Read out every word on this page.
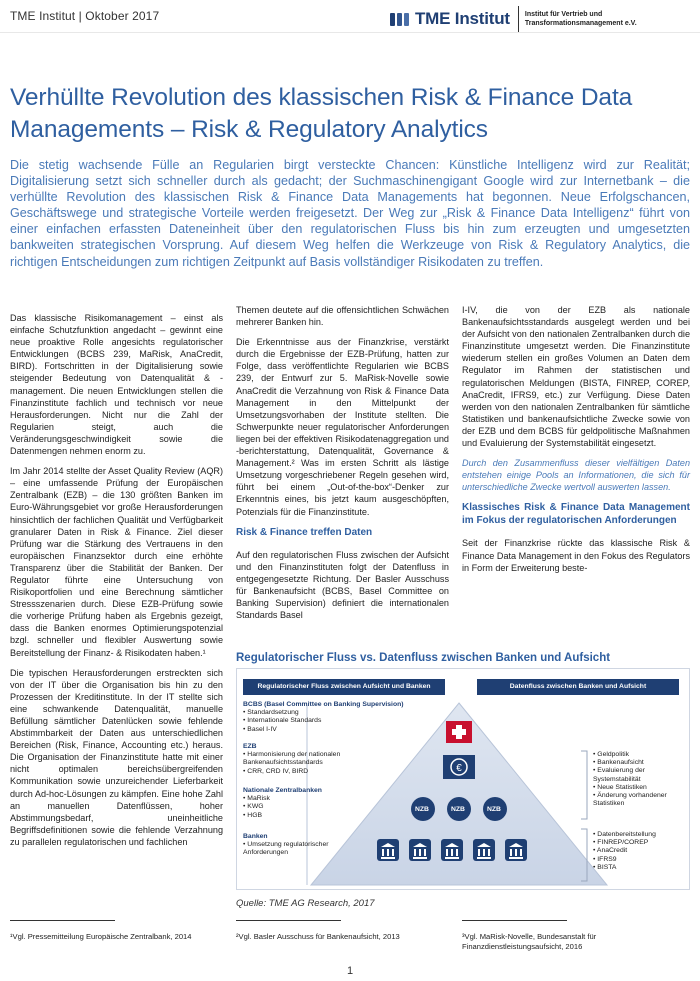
TME Institut | Oktober 2017	TME Institut Institut für Vertrieb und Transformationsmanagement e.V.
Verhüllte Revolution des klassischen Risk & Finance Data Managements – Risk & Regulatory Analytics
Die stetig wachsende Fülle an Regularien birgt versteckte Chancen: Künstliche Intelligenz wird zur Realität; Digitalisierung setzt sich schneller durch als gedacht; der Suchmaschinengigant Google wird zur Internetbank – die verhüllte Revolution des klassischen Risk & Finance Data Managements hat begonnen. Neue Erfolgschancen, Geschäftswege und strategische Vorteile werden freigesetzt. Der Weg zur „Risk & Finance Data Intelligenz“ führt von einer einfachen erfassten Dateneinheit über den regulatorischen Fluss bis hin zum erzeugten und umgesetzten bankweiten strategischen Vorsprung. Auf diesem Weg helfen die Werkzeuge von Risk & Regulatory Analytics, die richtigen Entscheidungen zum richtigen Zeitpunkt auf Basis vollständiger Risikodaten zu treffen.

Das klassische Risikomanagement – einst als einfache Schutzfunktion angedacht – gewinnt eine neue proaktive Rolle angesichts regulatorischer Entwicklungen (BCBS 239, MaRisk, AnaCredit, BIRD). Fortschritten in der Digitalisierung sowie steigender Bedeutung von Datenqualität & -management. Die neuen Entwicklungen stellen die Finanzinstitute fachlich und technisch vor neue Herausforderungen. Nicht nur die Zahl der Regularien steigt, auch die Veränderungsgeschwindigkeit sowie die Datenmengen nehmen enorm zu.

Im Jahr 2014 stellte der Asset Quality Review (AQR) – eine umfassende Prüfung der Europäischen Zentralbank (EZB) – die 130 größten Banken im Euro-Währungsgebiet vor große Herausforderungen hinsichtlich der fachlichen Qualität und Verfügbarkeit granularer Daten in Risk & Finance. Ziel dieser Prüfung war die Stärkung des Vertrauens in den europäischen Finanzsektor durch eine erhöhte Transparenz über die Stabilität der Banken. Der Regulator führte eine Untersuchung von Risikoportfolien und eine Berechnung sämtlicher Stressszenarien durch. Diese EZB-Prüfung sowie die vorherige Prüfung haben als Ergebnis gezeigt, dass die Banken enormes Optimierungspotenzial bzgl. schneller und flexibler Auswertung sowie Bereitstellung der Finanz- & Risikodaten haben.¹

Die typischen Herausforderungen erstreckten sich von der IT über die Organisation bis hin zu den Prozessen der Kreditinstitute. In der IT stellte sich eine schwankende Datenqualität, manuelle Befüllung sämtlicher Datenlücken sowie fehlende Abstimmbarkeit der Daten aus unterschiedlichen Bereichen (Risk, Finance, Accounting etc.) heraus. Die Organisation der Finanzinstitute hatte mit einer nicht optimalen bereichsübergreifenden Kommunikation sowie unzureichender Lieferbarkeit durch Ad-hoc-Lösungen zu kämpfen. Eine hohe Zahl an manuellen Datenflüssen, hoher Abstimmungsbedarf, uneinheitliche Begriffsdefinitionen sowie die fehlende Verzahnung zu parallelen regulatorischen und fachlichen

Themen deutete auf die offensichtlichen Schwächen mehrerer Banken hin.

Die Erkenntnisse aus der Finanzkrise, verstärkt durch die Ergebnisse der EZB-Prüfung, hatten zur Folge, dass veröffentlichte Regularien wie BCBS 239, der Entwurf zur 5. MaRisk-Novelle sowie AnaCredit die Verzahnung von Risk & Finance Data Management in den Mittelpunkt der Umsetzungsvorhaben der Institute stellten. Die Schwerpunkte neuer regulatorischer Anforderungen liegen bei der effektiven Risikodatenaggregation und -berichterstattung, Datenqualität, Governance & Management.² Was im ersten Schritt als lästige Umsetzung vorgeschriebener Regeln gesehen wird, führt bei einem „Out-of-the-box“-Denker zur Erkenntnis eines, bis jetzt kaum ausgeschöpften, Potenzials für die Finanzinstitute.

Risk & Finance treffen Daten

Auf den regulatorischen Fluss zwischen der Aufsicht und den Finanzinstituten folgt der Datenfluss in entgegengesetzte Richtung. Der Basler Ausschuss für Bankenaufsicht (BCBS, Basel Committee on Banking Supervision) definiert die internationalen Standards Basel

I-IV, die von der EZB als nationale Bankenaufsichtsstandards ausgelegt werden und bei der Aufsicht von den nationalen Zentralbanken durch die Finanzinstitute umgesetzt werden. Die Finanzinstitute wiederum stellen ein großes Volumen an Daten dem Regulator im Rahmen der statistischen und regulatorischen Meldungen (BISTA, FINREP, COREP, AnaCredit, IFRS9, etc.) zur Verfügung. Diese Daten werden von den nationalen Zentralbanken für sämtliche Statistiken und bankenaufsichtliche Zwecke sowie von der EZB und dem BCBS für geldpolitische Maßnahmen und Evaluierung der Systemstabilität eingesetzt.

Durch den Zusammenfluss dieser vielfältigen Daten entstehen einige Pools an Informationen, die sich für unterschiedliche Zwecke wertvoll auswerten lassen.

Klassisches Risk & Finance Data Management im Fokus der regulatorischen Anforderungen

Seit der Finanzkrise rückte das klassische Risk & Finance Data Management in den Fokus des Regulators in Form der Erweiterung beste-

Regulatorischer Fluss vs. Datenfluss zwischen Banken und Aufsicht
Regulatorischer Fluss zwischen Aufsicht und Banken	Datenfluss zwischen Banken und Aufsicht
€
NZB	NZB	NZB
BCBS (Basel Committee on Banking Supervision)
• Standardsetzung
• Internationale Standards
• Basel I-IV
EZB
• Harmonisierung der nationalen Bankenaufsichtsstandards
• CRR, CRD IV, BIRD
Nationale Zentralbanken
• MaRisk
• KWG
• HGB
Banken
• Umsetzung regulatorischer Anforderungen
• Geldpolitik
• Bankenaufsicht
• Evaluierung der Systemstabilität
• Neue Statistiken
• Änderung vorhandener Statistiken
• Datenbereitstellung
• FINREP/COREP
• AnaCredit
• IFRS9
• BISTA
Quelle: TME AG Research, 2017
¹Vgl. Pressemitteilung Europäische Zentralbank, 2014	²Vgl. Basler Ausschuss für Bankenaufsicht, 2013	³Vgl. MaRisk-Novelle, Bundesanstalt für Finanzdienstleistungsaufsicht, 2016
1
